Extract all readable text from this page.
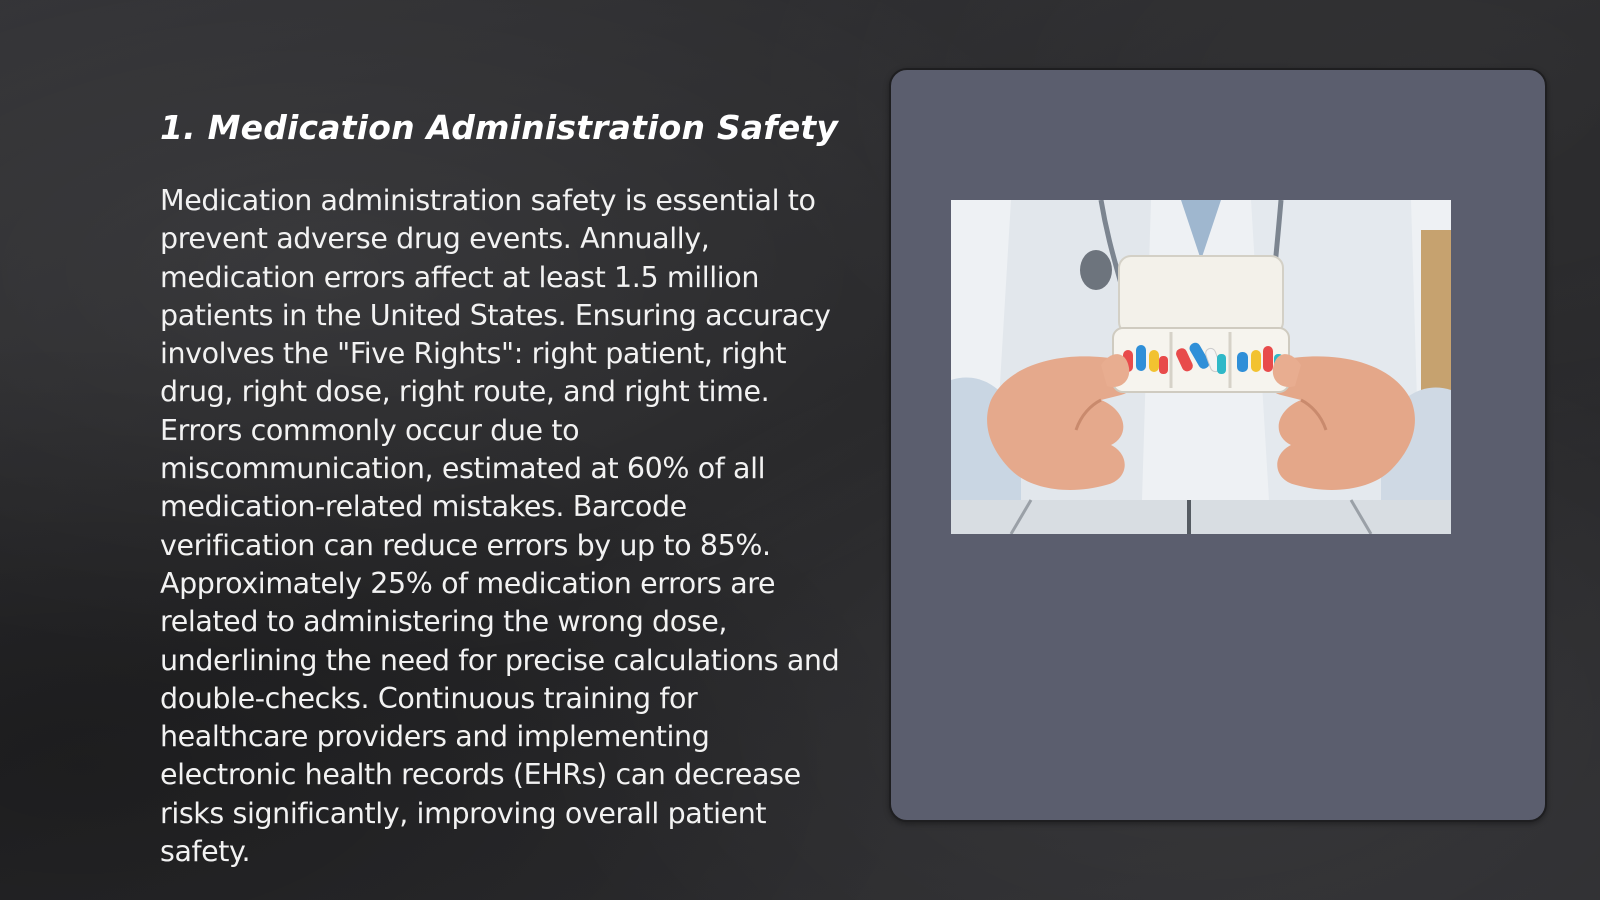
1. Medication Administration Safety

Medication administration safety is essential to prevent adverse drug events. Annually, medication errors affect at least 1.5 million patients in the United States. Ensuring accuracy involves the "Five Rights": right patient, right drug, right dose, right route, and right time. Errors commonly occur due to miscommunication, estimated at 60% of all medication-related mistakes. Barcode verification can reduce errors by up to 85%. Approximately 25% of medication errors are related to administering the wrong dose, underlining the need for precise calculations and double-checks. Continuous training for healthcare providers and implementing electronic health records (EHRs) can decrease risks significantly, improving overall patient safety.
